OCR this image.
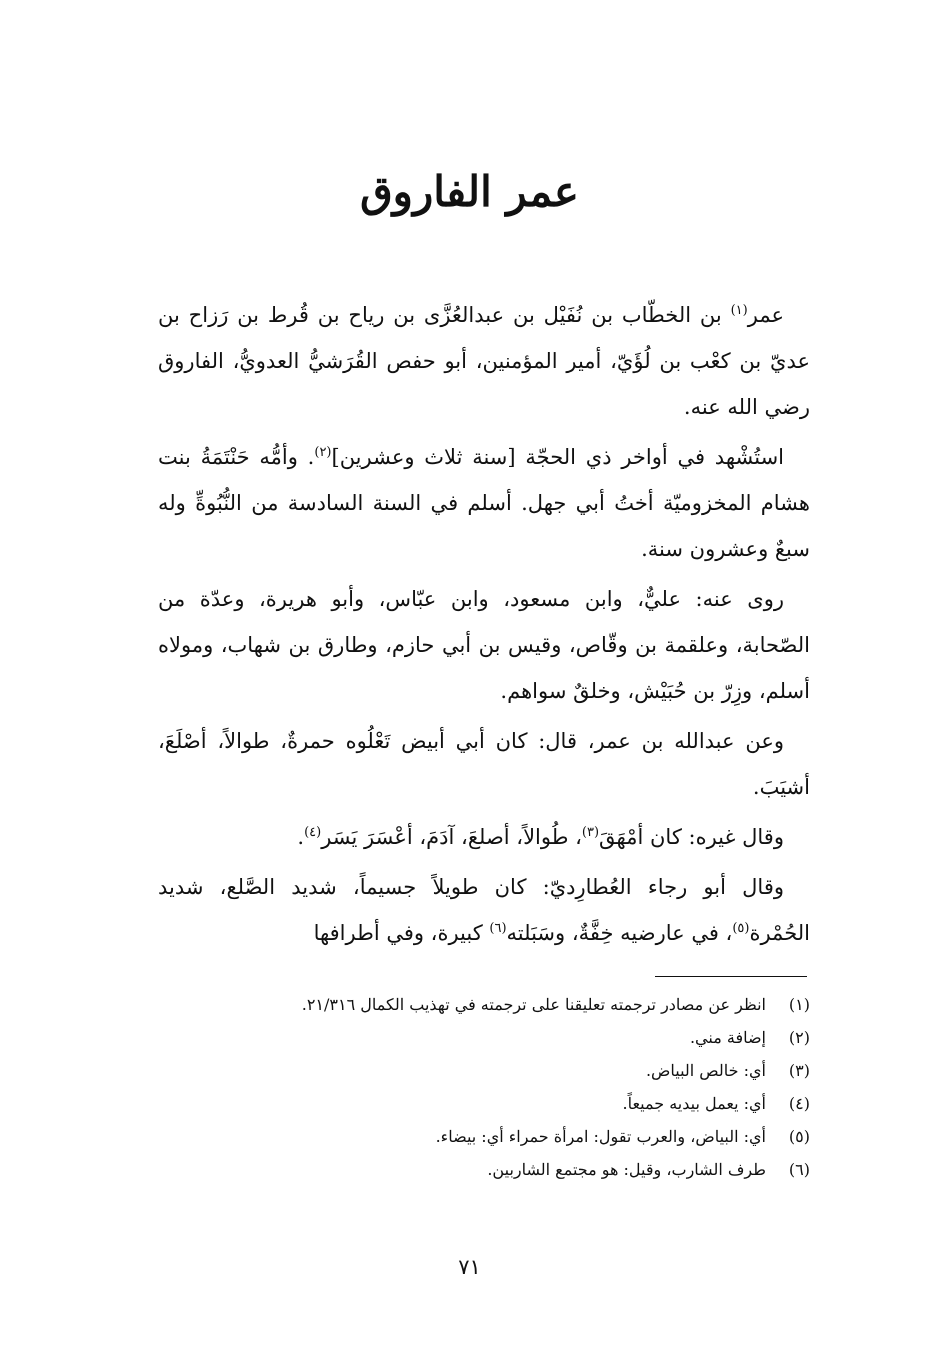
عمر الفاروق

عمر$^{(١)}$ بن الخطّاب بن نُفَيْل بن عبدالعُزَّى بن رياح بن قُرط بن رَزاح بن عديّ بن كعْب بن لُؤَيّ، أمير المؤمنين، أبو حفص القُرَشيُّ العدويُّ، الفاروق رضي الله عنه.

استُشْهد في أواخر ذي الحجّة [سنة ثلاث وعشرين]$^{(٢)}$. وأمُّه حَنْتَمَةُ بنت هشام المخزوميّة أختُ أبي جهل. أسلم في السنة السادسة من النُّبُوةِّ وله سبعٌ وعشرون سنة.

روى عنه: عليٌّ، وابن مسعود، وابن عبّاس، وأبو هريرة، وعدّة من الصّحابة، وعلقمة بن وقّاص، وقيس بن أبي حازم، وطارق بن شهاب، ومولاه أسلم، وزِرّ بن حُبَيْش، وخلقٌ سواهم.

وعن عبدالله بن عمر، قال: كان أبي أبيض تَعْلُوه حمرةٌ، طوالاً، أصْلَعَ، أشيَبَ.

وقال غيره: كان أمْهَقَ$^{(٣)}$، طُوالاً، أصلعَ، آدَمَ، أعْسَرَ يَسَر$^{(٤)}$.

وقال أبو رجاء العُطارِديّ: كان طويلاً جسيماً، شديد الصَّلع، شديد الحُمْرة$^{(٥)}$، في عارضيه خِفَّةٌ، وسَبَلته$^{(٦)}$ كبيرة، وفي أطرافها

(١)
انظر عن مصادر ترجمته تعليقنا على ترجمته في تهذيب الكمال ٢١/٣١٦.
(٢)
إضافة مني.
(٣)
أي: خالص البياض.
(٤)
أي: يعمل بيديه جميعاً.
(٥)
أي: البياض، والعرب تقول: امرأة حمراء أي: بيضاء.
(٦)
طرف الشارب، وقيل: هو مجتمع الشاربين.
٧١
